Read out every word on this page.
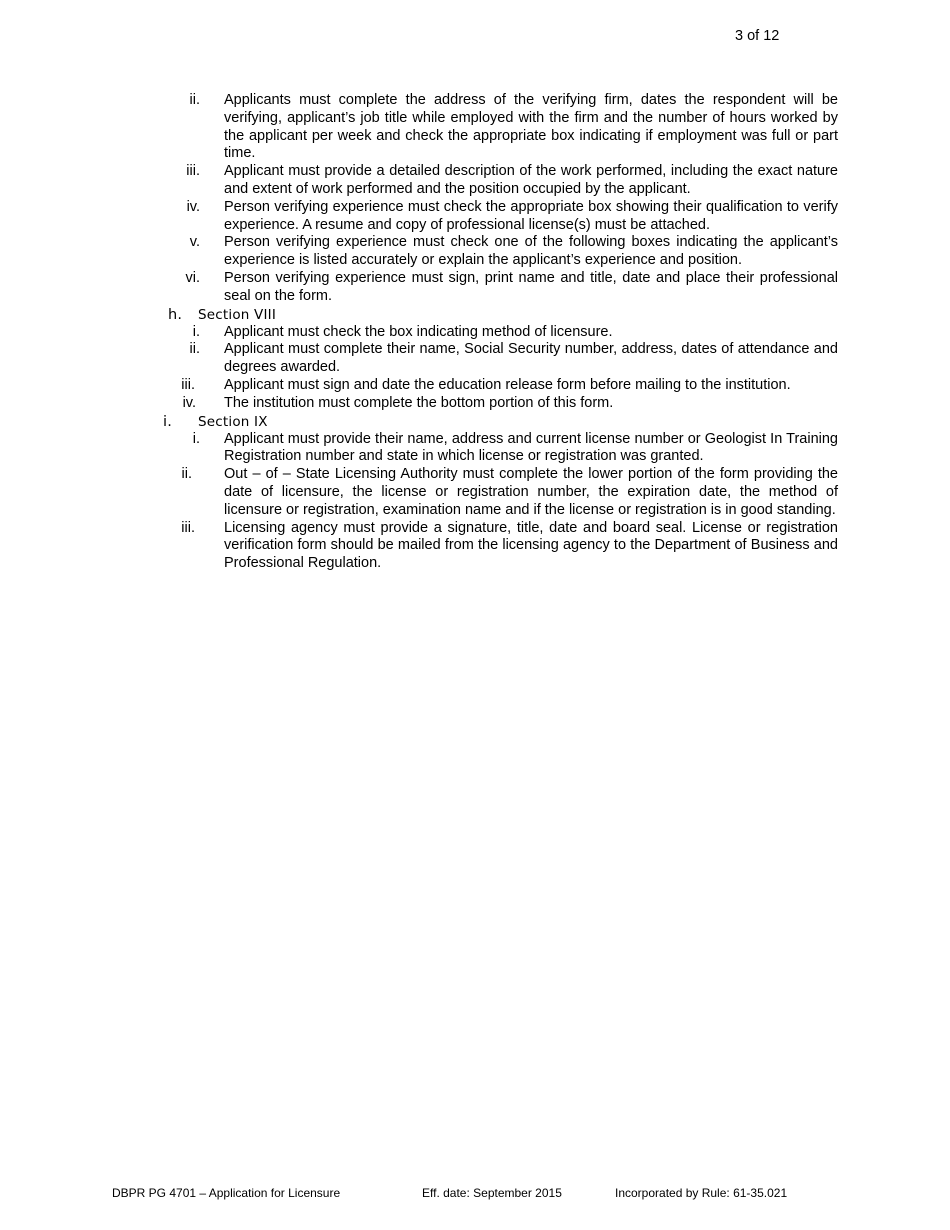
3 of 12
ii.	Applicants must complete the address of the verifying firm, dates the respondent will be verifying, applicant’s job title while employed with the firm and the number of hours worked by the applicant per week and check the appropriate box indicating if employment was full or part time.
iii.	Applicant must provide a detailed description of the work performed, including the exact nature and extent of work performed and the position occupied by the applicant.
iv.	Person verifying experience must check the appropriate box showing their qualification to verify experience. A resume and copy of professional license(s) must be attached.
v.	Person verifying experience must check one of the following boxes indicating the applicant’s experience is listed accurately or explain the applicant’s experience and position.
vi.	Person verifying experience must sign, print name and title, date and place their professional seal on the form.
h. Section VIII
i.	Applicant must check the box indicating method of licensure.
ii.	Applicant must complete their name, Social Security number, address, dates of attendance and degrees awarded.
iii.	Applicant must sign and date the education release form before mailing to the institution.
iv.	The institution must complete the bottom portion of this form.
i. Section IX
i.	Applicant must provide their name, address and current license number or Geologist In Training Registration number and state in which license or registration was granted.
ii.	Out – of – State Licensing Authority must complete the lower portion of the form providing the date of licensure, the license or registration number, the expiration date, the method of licensure or registration, examination name and if the license or registration is in good standing.
iii.	Licensing agency must provide a signature, title, date and board seal. License or registration verification form should be mailed from the licensing agency to the Department of Business and Professional Regulation.
DBPR PG 4701 – Application for Licensure	Eff. date: September 2015	Incorporated by Rule: 61-35.021
